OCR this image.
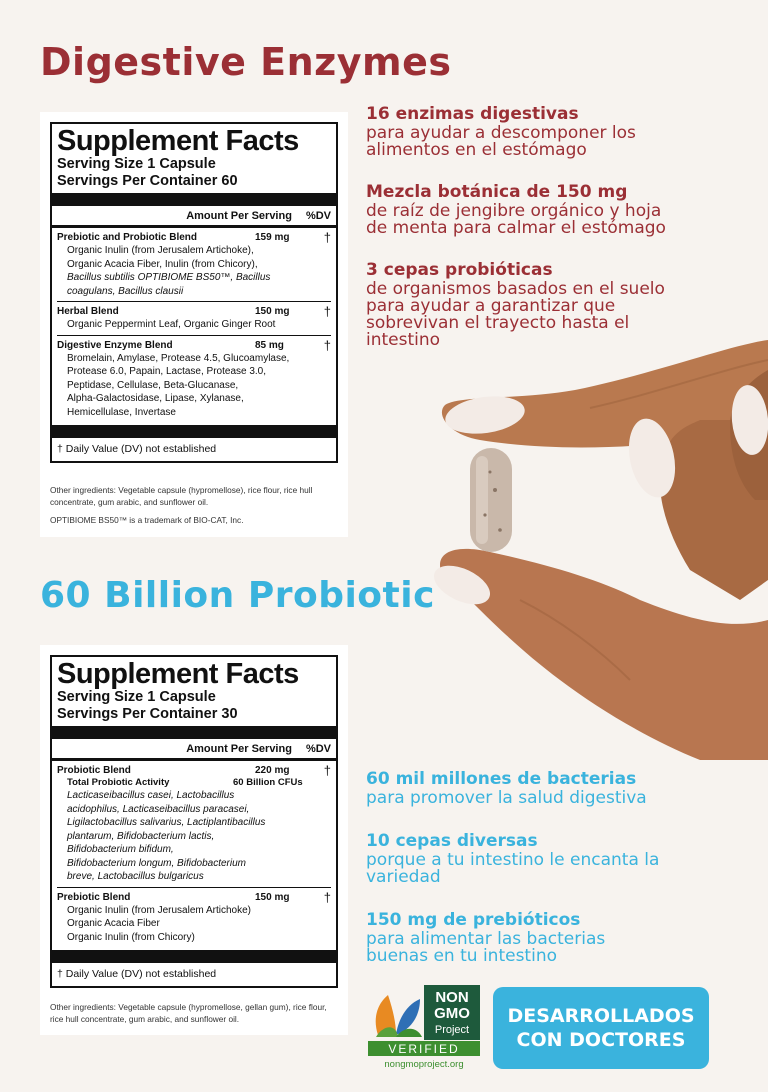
Digestive Enzymes
Supplement Facts
Serving Size 1 Capsule
Servings Per Container 60
Amount Per Serving %DV
Prebiotic and Probiotic Blend	159 mg	†
Organic Inulin (from Jerusalem Artichoke),
Organic Acacia Fiber, Inulin (from Chicory),
Bacillus subtilis OPTIBIOME BS50™, Bacillus
coagulans, Bacillus clausii
Herbal Blend	150 mg	†
Organic Peppermint Leaf, Organic Ginger Root
Digestive Enzyme Blend	85 mg	†
Bromelain, Amylase, Protease 4.5, Glucoamylase,
Protease 6.0, Papain, Lactase, Protease 3.0,
Peptidase, Cellulase, Beta-Glucanase,
Alpha-Galactosidase, Lipase, Xylanase,
Hemicellulase, Invertase
† Daily Value (DV) not established
Other ingredients: Vegetable capsule (hypromellose), rice flour, rice hull concentrate, gum arabic, and sunflower oil.
OPTIBIOME BS50™ is a trademark of BIO-CAT, Inc.
16 enzimas digestivas
para ayudar a descomponer los
alimentos en el estómago
Mezcla botánica de 150 mg
de raíz de jengibre orgánico y hoja
de menta para calmar el estómago
3 cepas probióticas
de organismos basados en el suelo
para ayudar a garantizar que
sobrevivan el trayecto hasta el
intestino
60 Billion Probiotic
Supplement Facts
Serving Size 1 Capsule
Servings Per Container 30
Amount Per Serving %DV
Probiotic Blend	220 mg	†
Total Probiotic Activity	60 Billion CFUs
Lacticaseibacillus casei, Lactobacillus
acidophilus, Lacticaseibacillus paracasei,
Ligilactobacillus salivarius, Lactiplantibacillus
plantarum, Bifidobacterium lactis,
Bifidobacterium bifidum,
Bifidobacterium longum, Bifidobacterium
breve, Lactobacillus bulgaricus
Prebiotic Blend	150 mg	†
Organic Inulin (from Jerusalem Artichoke)
Organic Acacia Fiber
Organic Inulin (from Chicory)
† Daily Value (DV) not established
Other ingredients: Vegetable capsule (hypromellose, gellan gum), rice flour, rice hull concentrate, gum arabic, and sunflower oil.
60 mil millones de bacterias
para promover la salud digestiva
10 cepas diversas
porque a tu intestino le encanta la
variedad
150 mg de prebióticos
para alimentar las bacterias
buenas en tu intestino
NON
GMO
Project
VERIFIED
nongmoproject.org
DESARROLLADOS
CON DOCTORES
